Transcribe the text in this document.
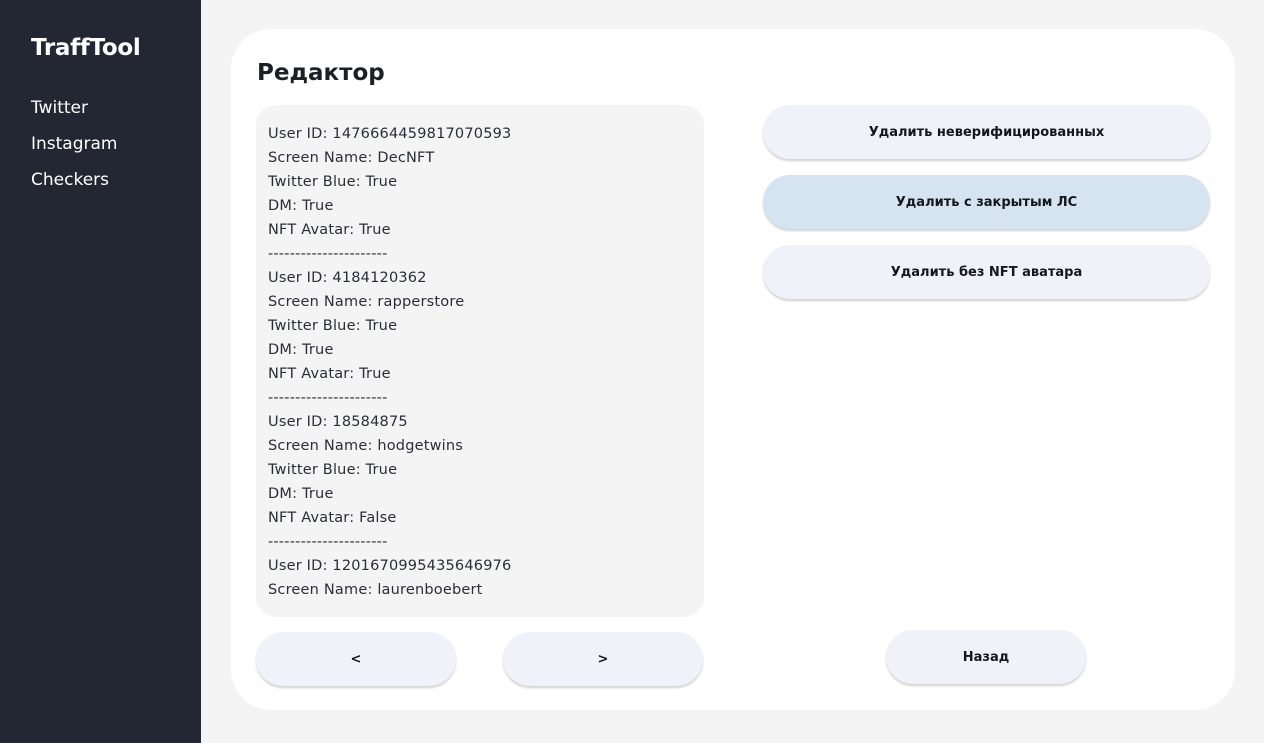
TraffTool
Twitter
Instagram
Checkers
Редактор
User ID: 1476664459817070593
Screen Name: DecNFT
Twitter Blue: True
DM: True
NFT Avatar: True
----------------------
User ID: 4184120362
Screen Name: rapperstore
Twitter Blue: True
DM: True
NFT Avatar: True
----------------------
User ID: 18584875
Screen Name: hodgetwins
Twitter Blue: True
DM: True
NFT Avatar: False
----------------------
User ID: 1201670995435646976
Screen Name: laurenboebert
Удалить неверифицированных
Удалить с закрытым ЛС
Удалить без NFT аватара
<	>	Назад
